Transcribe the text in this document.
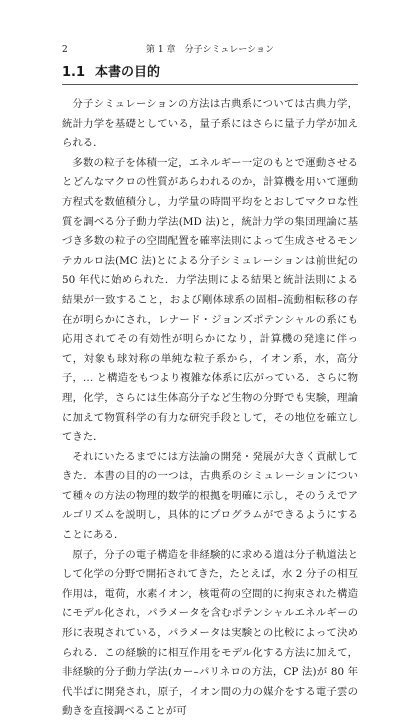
2	第 1 章　分子シミュレーション
1.1 本書の目的

分子シミュレーションの方法は古典系については古典力学，統計力学を基礎としている，量子系にはさらに量子力学が加えられる．

多数の粒子を体積一定，エネルギー一定のもとで運動させるとどんなマクロの性質があらわれるのか，計算機を用いて運動方程式を数値積分し，力学量の時間平均をとおしてマクロな性質を調べる分子動力学法(MD 法)と，統計力学の集団理論に基づき多数の粒子の空間配置を確率法則によって生成させるモンテカルロ法(MC 法)とによる分子シミュレーションは前世紀の 50 年代に始められた．力学法則による結果と統計法則による結果が一致すること，および剛体球系の固相–流動相転移の存在が明らかにされ，レナード・ジョンズポテンシャルの系にも応用されてその有効性が明らかになり，計算機の発達に伴って，対象も球対称の単純な粒子系から，イオン系，水，高分子，… と構造をもつより複雑な体系に広がっている．さらに物理，化学，さらには生体高分子など生物の分野でも実験，理論に加えて物質科学の有力な研究手段として，その地位を確立してきた．

それにいたるまでには方法論の開発・発展が大きく貢献してきた．本書の目的の一つは，古典系のシミュレーションについて種々の方法の物理的数学的根拠を明確に示し，そのうえでアルゴリズムを説明し，具体的にプログラムができるようにすることにある．

原子，分子の電子構造を非経験的に求める道は分子軌道法として化学の分野で開拓されてきた，たとえば，水 2 分子の相互作用は，電荷，水素イオン，核電荷の空間的に拘束された構造にモデル化され，パラメータを含むポテンシャルエネルギーの形に表現されている，パラメータは実験との比較によって決められる．この経験的に相互作用をモデル化する方法に加えて，非経験的分子動力学法(カー–パリネロの方法，CP 法)が 80 年代半ばに開発され，原子，イオン間の力の媒介をする電子雲の動きを直接調べることが可
